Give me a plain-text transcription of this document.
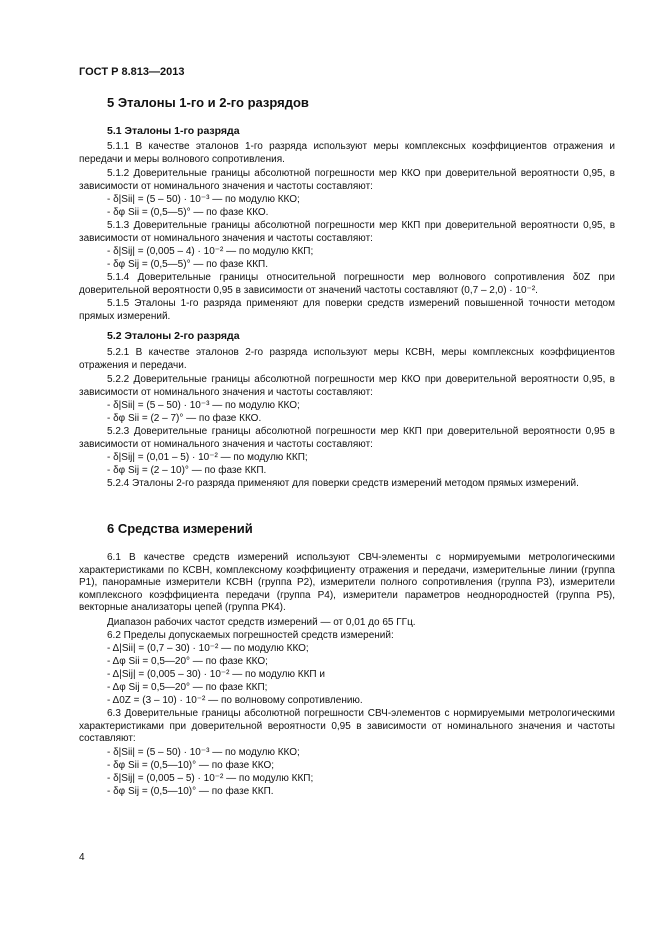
ГОСТ Р 8.813—2013
5 Эталоны 1-го и 2-го разрядов
5.1 Эталоны 1-го разряда
5.1.1 В качестве эталонов 1-го разряда используют меры комплексных коэффициентов отражения и передачи и меры волнового сопротивления.
5.1.2 Доверительные границы абсолютной погрешности мер ККО при доверительной вероятности 0,95, в зависимости от номинального значения и частоты составляют:
- δ|Sii| = (5 – 50) · 10⁻³ — по модулю ККО;
- δφ Sii = (0,5—5)° — по фазе ККО.
5.1.3 Доверительные границы абсолютной погрешности мер ККП при доверительной вероятности 0,95, в зависимости от номинального значения и частоты составляют:
- δ|Sij| = (0,005 – 4) · 10⁻² — по модулю ККП;
- δφ Sij = (0,5—5)° — по фазе ККП.
5.1.4 Доверительные границы относительной погрешности мер волнового сопротивления δ0Z при доверительной вероятности 0,95 в зависимости от значений частоты составляют (0,7 – 2,0) · 10⁻².
5.1.5 Эталоны 1-го разряда применяют для поверки средств измерений повышенной точности методом прямых измерений.
5.2 Эталоны 2-го разряда
5.2.1 В качестве эталонов 2-го разряда используют меры КСВН, меры комплексных коэффициентов отражения и передачи.
5.2.2 Доверительные границы абсолютной погрешности мер ККО при доверительной вероятности 0,95, в зависимости от номинального значения и частоты составляют:
- δ|Sii| = (5 – 50) · 10⁻³ — по модулю ККО;
- δφ Sii = (2 – 7)° — по фазе ККО.
5.2.3 Доверительные границы абсолютной погрешности мер ККП при доверительной вероятности 0,95 в зависимости от номинального значения и частоты составляют:
- δ|Sij| = (0,01 – 5) · 10⁻² — по модулю ККП;
- δφ Sij = (2 – 10)° — по фазе ККП.
5.2.4 Эталоны 2-го разряда применяют для поверки средств измерений методом прямых измерений.
6 Средства измерений
6.1 В качестве средств измерений используют СВЧ-элементы с нормируемыми метрологическими характеристиками по КСВН, комплексному коэффициенту отражения и передачи, измерительные линии (группа Р1), панорамные измерители КСВН (группа Р2), измерители полного сопротивления (группа Р3), измерители комплексного коэффициента передачи (группа Р4), измерители параметров неоднородностей (группа Р5), векторные анализаторы цепей (группа РК4).
Диапазон рабочих частот средств измерений — от 0,01 до 65 ГГц.
6.2 Пределы допускаемых погрешностей средств измерений:
- Δ|Sii| = (0,7 – 30) · 10⁻² — по модулю ККО;
- Δφ Sii = 0,5—20° — по фазе ККО;
- Δ|Sij| = (0,005 – 30) · 10⁻² — по модулю ККП и
- Δφ Sij = 0,5—20° — по фазе ККП;
- Δ0Z = (3 – 10) · 10⁻² — по волновому сопротивлению.
6.3 Доверительные границы абсолютной погрешности СВЧ-элементов с нормируемыми метрологическими характеристиками при доверительной вероятности 0,95 в зависимости от номинального значения и частоты составляют:
- δ|Sii| = (5 – 50) · 10⁻³ — по модулю ККО;
- δφ Sii = (0,5—10)° — по фазе ККО;
- δ|Sij| = (0,005 – 5) · 10⁻² — по модулю ККП;
- δφ Sij = (0,5—10)° — по фазе ККП.
4
